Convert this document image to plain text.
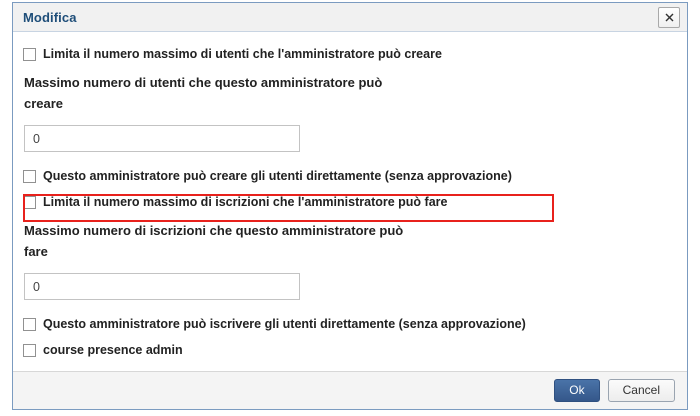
Modifica
Limita il numero massimo di utenti che l'amministratore può creare
Massimo numero di utenti che questo amministratore può creare
0
Questo amministratore può creare gli utenti direttamente (senza approvazione)
Limita il numero massimo di iscrizioni che l'amministratore può fare
Massimo numero di iscrizioni che questo amministratore può fare
0
Questo amministratore può iscrivere gli utenti direttamente (senza approvazione)
course presence admin
Ok	Cancel
